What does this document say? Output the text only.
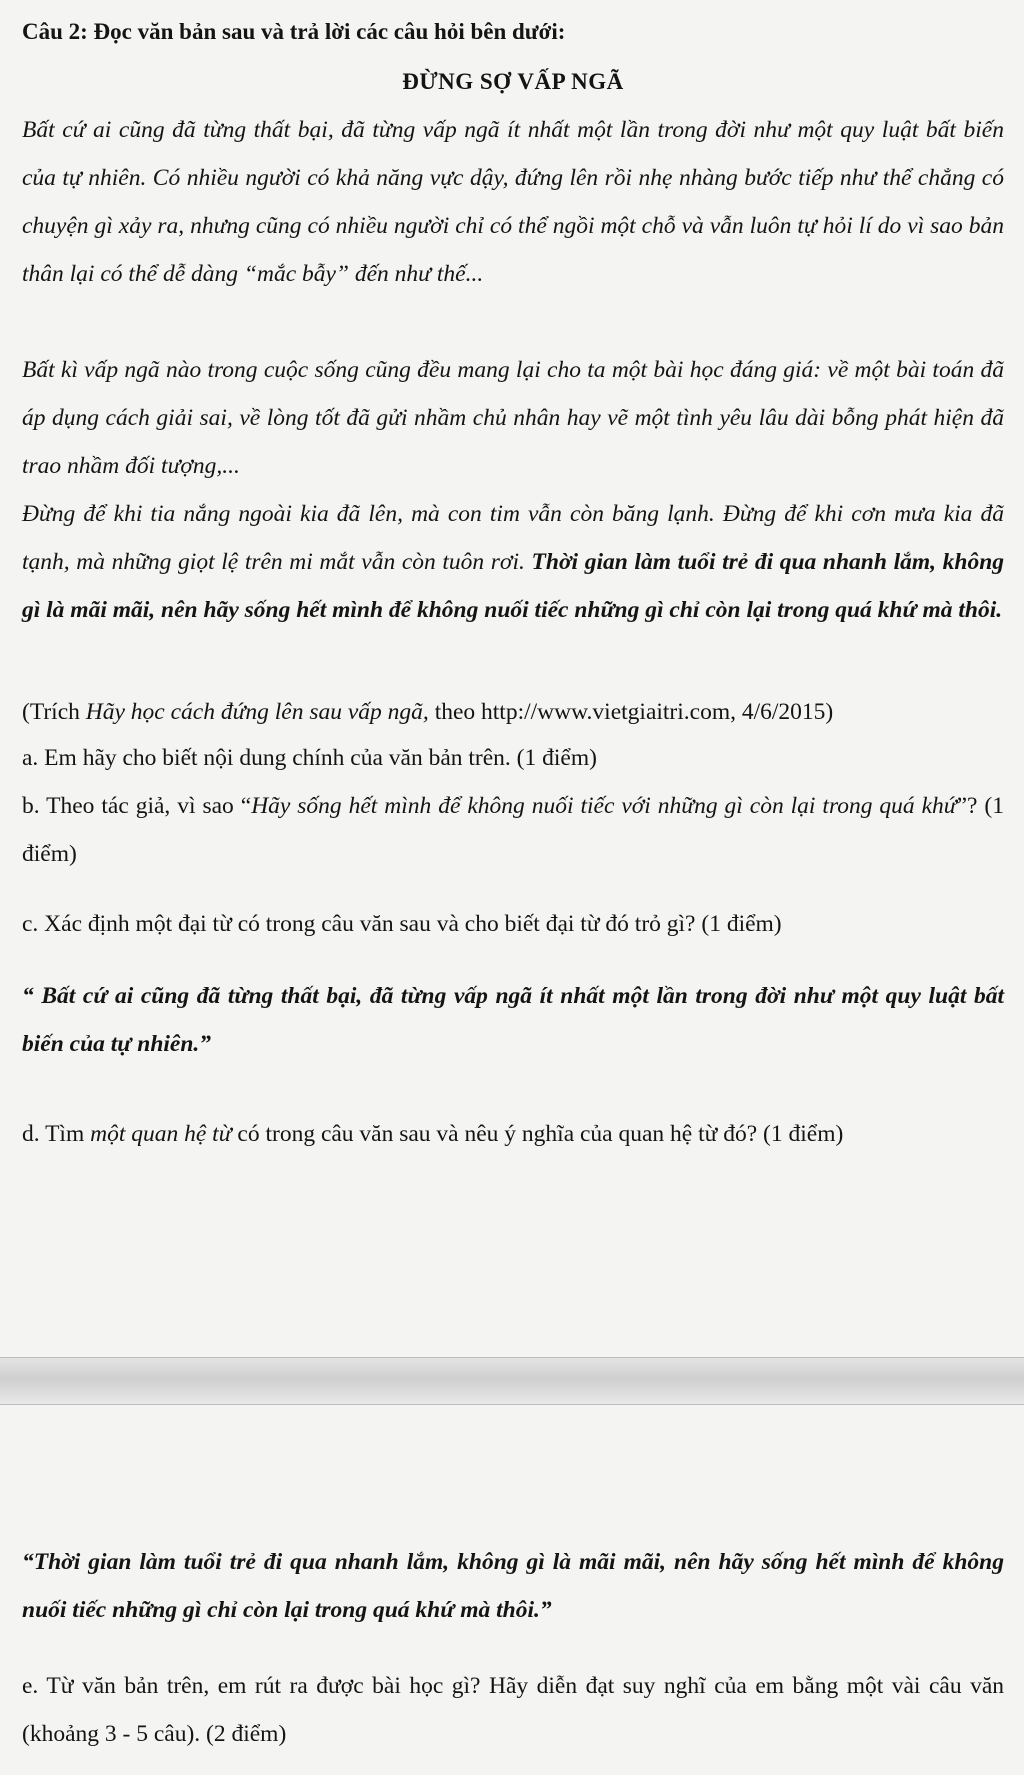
Câu 2: Đọc văn bản sau và trả lời các câu hỏi bên dưới:

ĐỪNG SỢ VẤP NGÃ

Bất cứ ai cũng đã từng thất bại, đã từng vấp ngã ít nhất một lần trong đời như một quy luật bất biến của tự nhiên. Có nhiều người có khả năng vực dậy, đứng lên rồi nhẹ nhàng bước tiếp như thể chẳng có chuyện gì xảy ra, nhưng cũng có nhiều người chỉ có thể ngồi một chỗ và vẫn luôn tự hỏi lí do vì sao bản thân lại có thể dễ dàng “mắc bẫy” đến như thế...

Bất kì vấp ngã nào trong cuộc sống cũng đều mang lại cho ta một bài học đáng giá: về một bài toán đã áp dụng cách giải sai, về lòng tốt đã gửi nhầm chủ nhân hay vẽ một tình yêu lâu dài bỗng phát hiện đã trao nhầm đối tượng,...

Đừng để khi tia nắng ngoài kia đã lên, mà con tim vẫn còn băng lạnh. Đừng để khi cơn mưa kia đã tạnh, mà những giọt lệ trên mi mắt vẫn còn tuôn rơi. Thời gian làm tuổi trẻ đi qua nhanh lắm, không gì là mãi mãi, nên hãy sống hết mình để không nuối tiếc những gì chỉ còn lại trong quá khứ mà thôi.

(Trích Hãy học cách đứng lên sau vấp ngã, theo http://www.vietgiaitri.com, 4/6/2015)

a. Em hãy cho biết nội dung chính của văn bản trên. (1 điểm)

b. Theo tác giả, vì sao “Hãy sống hết mình để không nuối tiếc với những gì còn lại trong quá khứ”? (1 điểm)

c. Xác định một đại từ có trong câu văn sau và cho biết đại từ đó trỏ gì? (1 điểm)

“ Bất cứ ai cũng đã từng thất bại, đã từng vấp ngã ít nhất một lần trong đời như một quy luật bất biến của tự nhiên.”

d. Tìm một quan hệ từ có trong câu văn sau và nêu ý nghĩa của quan hệ từ đó? (1 điểm)

“Thời gian làm tuổi trẻ đi qua nhanh lắm, không gì là mãi mãi, nên hãy sống hết mình để không nuối tiếc những gì chỉ còn lại trong quá khứ mà thôi.”

e. Từ văn bản trên, em rút ra được bài học gì? Hãy diễn đạt suy nghĩ của em bằng một vài câu văn (khoảng 3 - 5 câu). (2 điểm)
